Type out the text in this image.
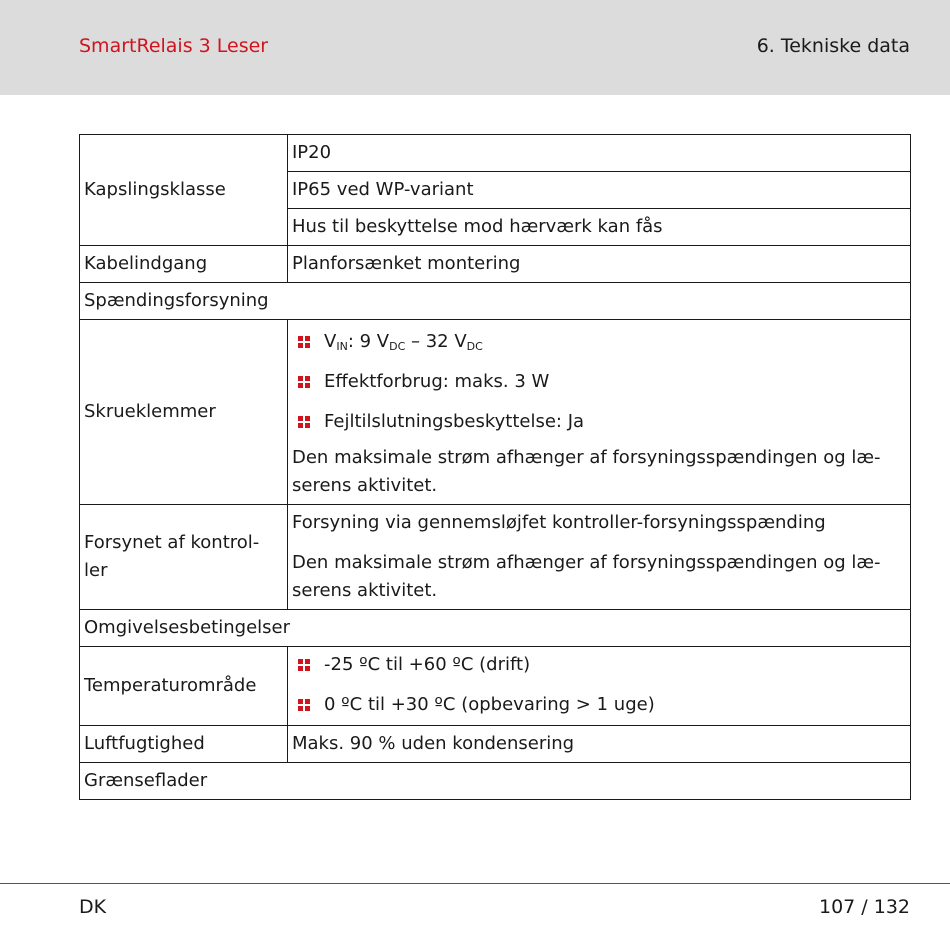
SmartRelais 3 Leser	6. Tekniske data
Kapslingsklasse	IP20
	IP65 ved WP-variant
	Hus til beskyttelse mod hærværk kan fås
Kabelindgang	Planforsænket montering
Spændingsforsyning	
Skrueklemmer	$V_{IN}$: 9 $V_{DC} - 32$ $V_{DC}$
Effektforbrug: maks. 3 W
Fejltilslutningsbeskyttelse: Ja
Den maksimale strøm afhænger af forsyningsspændingen og læ-serens aktivitet.

Forsynet af kontrol-ler	Forsyning via gennemsløjfet kontroller-forsyningsspænding
Den maksimale strøm afhænger af forsyningsspændingen og læ-serens aktivitet.

Omgivelsesbetingelser	
Temperaturområde	-25 ºC til +60 ºC (drift)
0 ºC til +30 ºC (opbevaring > 1 uge)

Luftfugtighed	Maks. 90 % uden kondensering
Grænseflader	
DK	107 / 132
